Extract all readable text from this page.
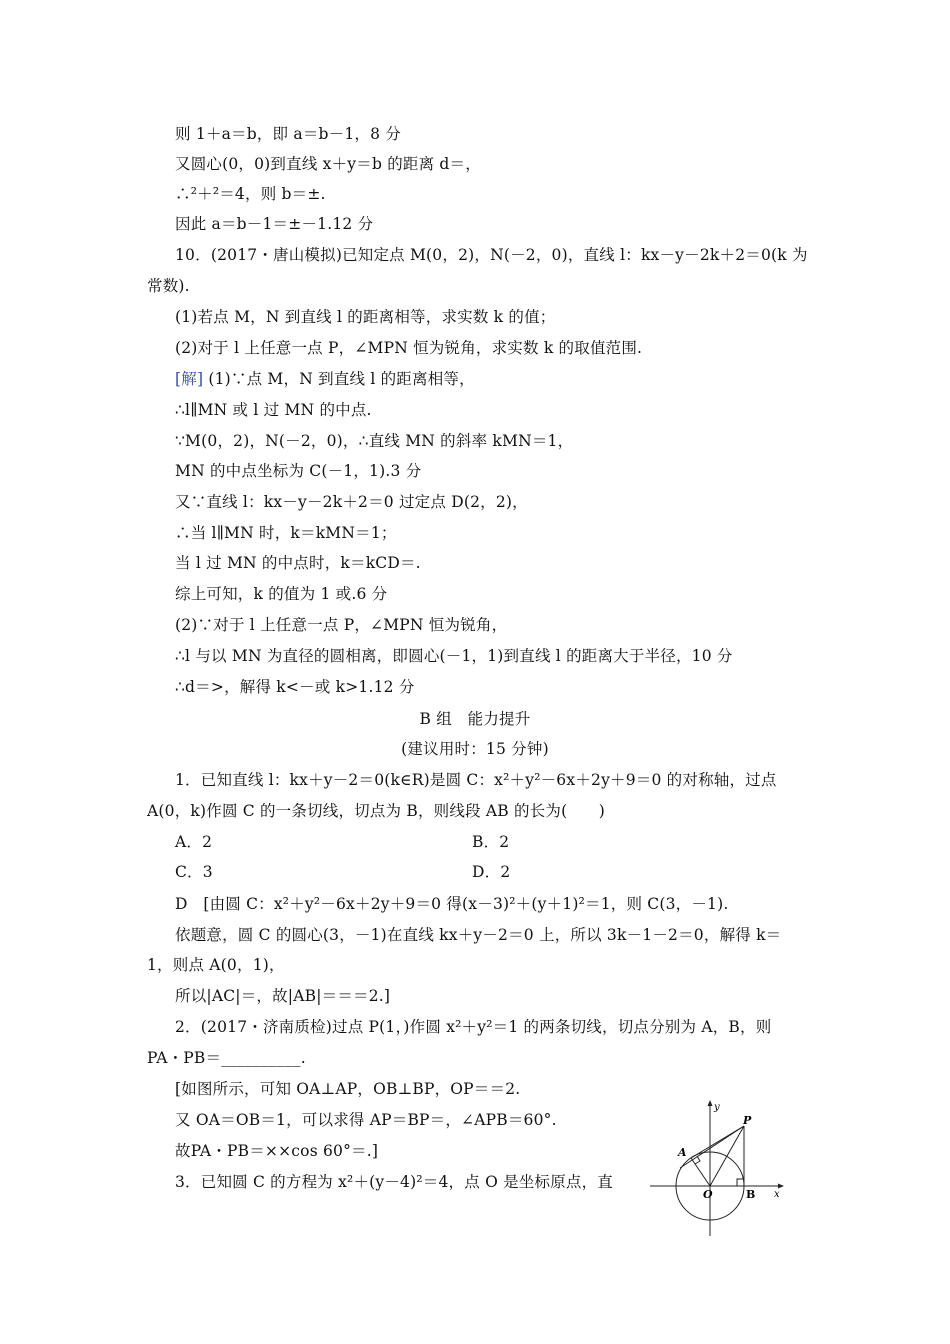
则 1＋a＝b，即 a＝b－1，8 分
又圆心(0，0)到直线 x＋y＝b 的距离 d＝，
∴²＋²＝4，则 b＝±.
因此 a＝b－1＝±－1.12 分
10．(2017・唐山模拟)已知定点 M(0，2)，N(－2，0)，直线 l：kx－y－2k＋2＝0(k 为
常数).
(1)若点 M，N 到直线 l 的距离相等，求实数 k 的值；
(2)对于 l 上任意一点 P，∠MPN 恒为锐角，求实数 k 的取值范围.
[解] (1)∵点 M，N 到直线 l 的距离相等，
∴l∥MN 或 l 过 MN 的中点.
∵M(0，2)，N(－2，0)，∴直线 MN 的斜率 kMN＝1，
MN 的中点坐标为 C(－1，1).3 分
又∵直线 l：kx－y－2k＋2＝0 过定点 D(2，2)，
∴当 l∥MN 时，k＝kMN＝1；
当 l 过 MN 的中点时，k＝kCD＝.
综上可知，k 的值为 1 或.6 分
(2)∵对于 l 上任意一点 P，∠MPN 恒为锐角，
∴l 与以 MN 为直径的圆相离，即圆心(－1，1)到直线 l 的距离大于半径，10 分
∴d＝>，解得 k<－或 k>1.12 分
B 组　能力提升
(建议用时：15 分钟)
1．已知直线 l：kx＋y－2＝0(k∈R)是圆 C：x²＋y²－6x＋2y＋9＝0 的对称轴，过点
A(0，k)作圆 C 的一条切线，切点为 B，则线段 AB 的长为(　　)
A．2	B．2
C．3	D．2
D　[由圆 C：x²＋y²－6x＋2y＋9＝0 得(x－3)²＋(y＋1)²＝1，则 C(3，－1).
依题意，圆 C 的圆心(3，－1)在直线 kx＋y－2＝0 上，所以 3k－1－2＝0，解得 k＝
1，则点 A(0，1)，
所以|AC|＝，故|AB|＝＝＝2.]
2．(2017・济南质检)过点 P(1，)作圆 x²＋y²＝1 的两条切线，切点分别为 A，B，则
PA・PB＝__________.
[如图所示，可知 OA⊥AP，OB⊥BP，OP＝＝2.
又 OA＝OB＝1，可以求得 AP＝BP＝，∠APB＝60°.
故PA・PB＝××cos 60°＝.]
3．已知圆 C 的方程为 x²＋(y－4)²＝4，点 O 是坐标原点，直
y
P
A
O	B x
